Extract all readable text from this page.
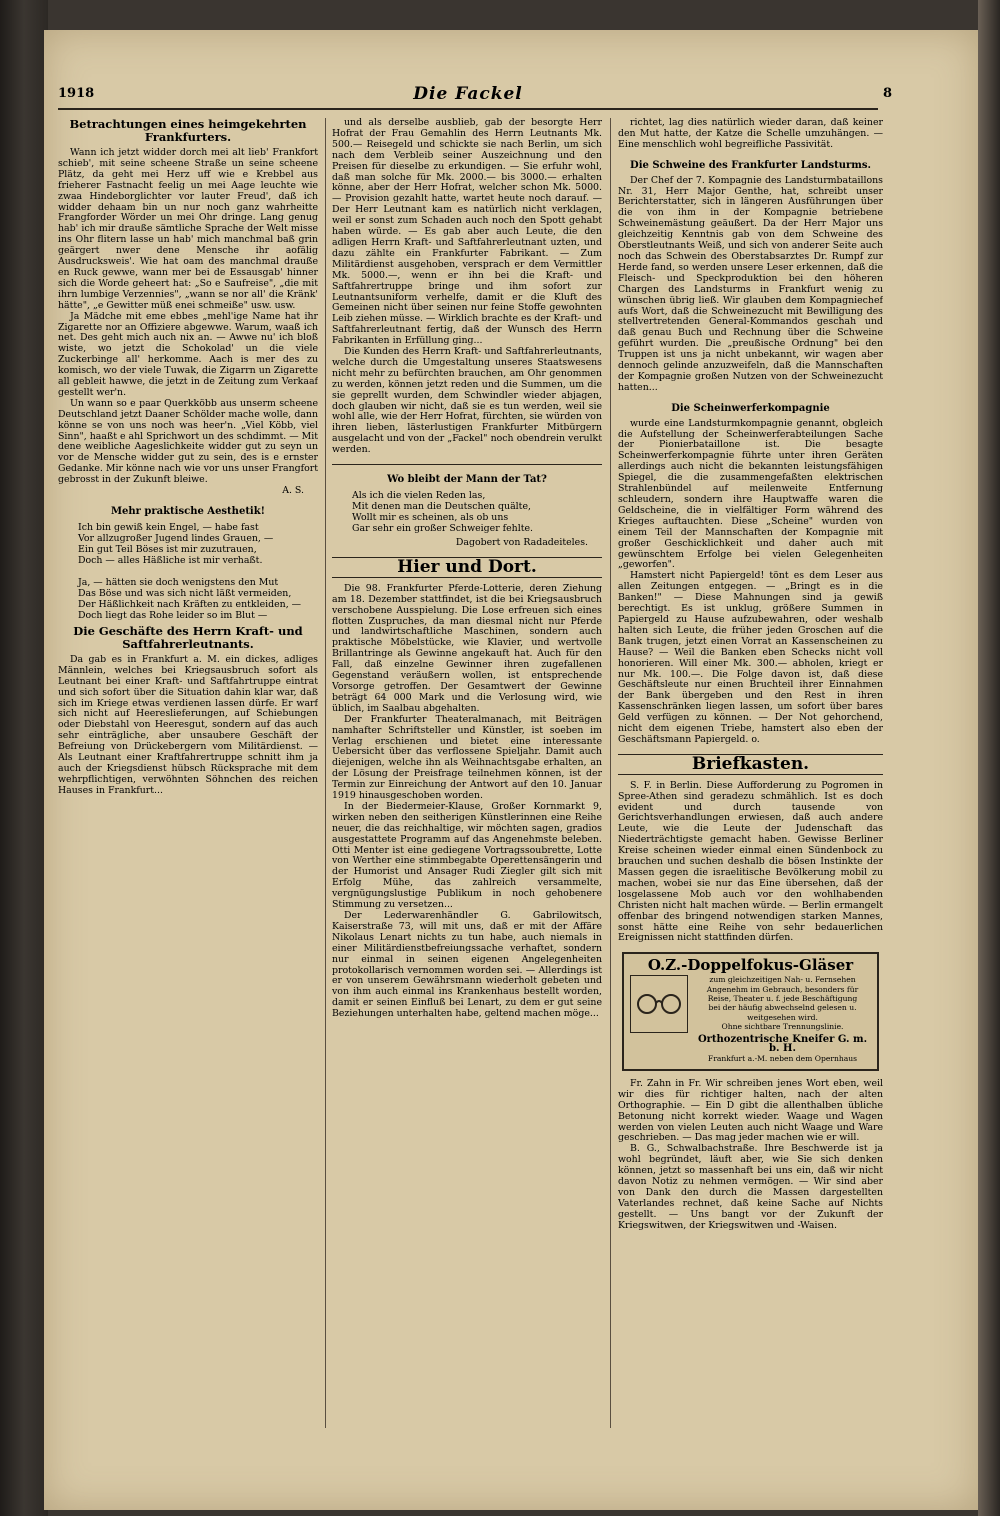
1918	Die Fackel	8
Betrachtungen eines heimgekehrten Frankfurters.

Wann ich jetzt widder dorch mei alt lieb' Frankfort schieb', mit seine scheene Straße un seine scheene Plätz, da geht mei Herz uff wie e Krebbel aus frieherer Fastnacht feelig un mei Aage leuchte wie zwaa Hindeborglichter vor lauter Freud', daß ich widder dehaam bin un nur noch ganz wahrheitte Frangforder Wörder un mei Ohr dringe. Lang genug hab' ich mir drauße sämtliche Sprache der Welt misse ins Ohr flitern lasse un hab' mich manchmal baß grin geärgert nwer dene Mensche ihr aofälig Ausdrucksweis'. Wie hat oam des manchmal drauße en Ruck gewwe, wann mer bei de Essausgab' hinner sich die Worde geheert hat: „So e Saufreise", „die mit ihrn lumbige Verzennies", „wann se nor all' die Kränk' hätte", „e Gewitter müß enei schmeiße" usw. usw.

Ja Mädche mit eme ebbes „mehl'ige Name hat ihr Zigarette nor an Offiziere abgewwe. Warum, waaß ich net. Des geht mich auch nix an. — Awwe nu' ich bloß wiste, wo jetzt die Schokolad' un die viele Zuckerbinge all' herkomme. Aach is mer des zu komisch, wo der viele Tuwak, die Zigarrn un Zigarette all gebleit hawwe, die jetzt in de Zeitung zum Verkaaf gestellt wer'n.

Un wann so e paar Querkköbb aus unserm scheene Deutschland jetzt Daaner Schölder mache wolle, dann könne se von uns noch was heer'n. „Viel Köbb, viel Sinn", haaßt e ahl Sprichwort un des schdimmt. — Mit dene weibliche Aageslichkeite widder gut zu seyn un vor de Mensche widder gut zu sein, des is e ernster Gedanke. Mir könne nach wie vor uns unser Frangfort gebrosst in der Zukunft bleiwe.

A. S.
Mehr praktische Aesthetik!
Ich bin gewiß kein Engel, — habe fast
Vor allzugroßer Jugend lindes Grauen, —
Ein gut Teil Böses ist mir zuzutrauen,
Doch — alles Häßliche ist mir verhaßt.

Ja, — hätten sie doch wenigstens den Mut
Das Böse und was sich nicht läßt vermeiden,
Der Häßlichkeit nach Kräften zu entkleiden, —
Doch liegt das Rohe leider so im Blut —
Die Geschäfte des Herrn Kraft- und Saftfahrerleutnants.

Da gab es in Frankfurt a. M. ein dickes, adliges Männlein, welches bei Kriegsausbruch sofort als Leutnant bei einer Kraft- und Saftfahrtruppe eintrat und sich sofort über die Situation dahin klar war, daß sich im Kriege etwas verdienen lassen dürfe. Er warf sich nicht auf Heereslieferungen, auf Schiebungen oder Diebstahl von Heeresgut, sondern auf das auch sehr einträgliche, aber unsaubere Geschäft der Befreiung von Drückebergern vom Militärdienst. — Als Leutnant einer Kraftfahrertruppe schnitt ihm ja auch der Kriegsdienst hübsch Rücksprache mit dem wehrpflichtigen, verwöhnten Söhnchen des reichen Hauses in Frankfurt...

und als derselbe ausblieb, gab der besorgte Herr Hofrat der Frau Gemahlin des Herrn Leutnants Mk. 500.— Reisegeld und schickte sie nach Berlin, um sich nach dem Verbleib seiner Auszeichnung und den Preisen für dieselbe zu erkundigen. — Sie erfuhr wohl, daß man solche für Mk. 2000.— bis 3000.— erhalten könne, aber der Herr Hofrat, welcher schon Mk. 5000.— Provision gezahlt hatte, wartet heute noch darauf. — Der Herr Leutnant kam es natürlich nicht verklagen, weil er sonst zum Schaden auch noch den Spott gehabt haben würde. — Es gab aber auch Leute, die den adligen Herrn Kraft- und Saftfahrerleutnant uzten, und dazu zählte ein Frankfurter Fabrikant. — Zum Militärdienst ausgehoben, versprach er dem Vermittler Mk. 5000.—, wenn er ihn bei die Kraft- und Saftfahrertruppe bringe und ihm sofort zur Leutnantsuniform verhelfe, damit er die Kluft des Gemeinen nicht über seinen nur feine Stoffe gewohnten Leib ziehen müsse. — Wirklich brachte es der Kraft- und Saftfahrerleutnant fertig, daß der Wunsch des Herrn Fabrikanten in Erfüllung ging...

Die Kunden des Herrn Kraft- und Saftfahrerleutnants, welche durch die Umgestaltung unseres Staatswesens nicht mehr zu befürchten brauchen, am Ohr genommen zu werden, können jetzt reden und die Summen, um die sie geprellt wurden, dem Schwindler wieder abjagen, doch glauben wir nicht, daß sie es tun werden, weil sie wohl alle, wie der Herr Hofrat, fürchten, sie würden von ihren lieben, lästerlustigen Frankfurter Mitbürgern ausgelacht und von der „Fackel" noch obendrein verulkt werden.

Wo bleibt der Mann der Tat?
Als ich die vielen Reden las,
Mit denen man die Deutschen quälte,
Wollt mir es scheinen, als ob uns
Gar sehr ein großer Schweiger fehlte.
Dagobert von Radadeiteles.
Hier und Dort.

Die 98. Frankfurter Pferde-Lotterie, deren Ziehung am 18. Dezember stattfindet, ist die bei Kriegsausbruch verschobene Ausspielung. Die Lose erfreuen sich eines flotten Zuspruches, da man diesmal nicht nur Pferde und landwirtschaftliche Maschinen, sondern auch praktische Möbelstücke, wie Klavier, und wertvolle Brillantringe als Gewinne angekauft hat. Auch für den Fall, daß einzelne Gewinner ihren zugefallenen Gegenstand veräußern wollen, ist entsprechende Vorsorge getroffen. Der Gesamtwert der Gewinne beträgt 64 000 Mark und die Verlosung wird, wie üblich, im Saalbau abgehalten.

Der Frankfurter Theateralmanach, mit Beiträgen namhafter Schriftsteller und Künstler, ist soeben im Verlag erschienen und bietet eine interessante Uebersicht über das verflossene Spieljahr. Damit auch diejenigen, welche ihn als Weihnachtsgabe erhalten, an der Lösung der Preisfrage teilnehmen können, ist der Termin zur Einreichung der Antwort auf den 10. Januar 1919 hinausgeschoben worden.

In der Biedermeier-Klause, Großer Kornmarkt 9, wirken neben den seitherigen Künstlerinnen eine Reihe neuer, die das reichhaltige, wir möchten sagen, gradios ausgestattete Programm auf das Angenehmste beleben. Otti Menter ist eine gediegene Vortragssoubrette, Lotte von Werther eine stimmbegabte Operettensängerin und der Humorist und Ansager Rudi Ziegler gilt sich mit Erfolg Mühe, das zahlreich versammelte, vergnügungslustige Publikum in noch gehobenere Stimmung zu versetzen...

Der Lederwarenhändler G. Gabrilowitsch, Kaiserstraße 73, will mit uns, daß er mit der Affäre Nikolaus Lenart nichts zu tun habe, auch niemals in einer Militärdienstbefreiungssache verhaftet, sondern nur einmal in seinen eigenen Angelegenheiten protokollarisch vernommen worden sei. — Allerdings ist er von unserem Gewährsmann wiederholt gebeten und von ihm auch einmal ins Krankenhaus bestellt worden, damit er seinen Einfluß bei Lenart, zu dem er gut seine Beziehungen unterhalten habe, geltend machen möge...

richtet, lag dies natürlich wieder daran, daß keiner den Mut hatte, der Katze die Schelle umzuhängen. — Eine menschlich wohl begreifliche Passivität.

Die Schweine des Frankfurter Landsturms.

Der Chef der 7. Kompagnie des Landsturmbataillons Nr. 31, Herr Major Genthe, hat, schreibt unser Berichterstatter, sich in längeren Ausführungen über die von ihm in der Kompagnie betriebene Schweinemästung geäußert. Da der Herr Major uns gleichzeitig Kenntnis gab von dem Schweine des Oberstleutnants Weiß, und sich von anderer Seite auch noch das Schwein des Oberstabsarztes Dr. Rumpf zur Herde fand, so werden unsere Leser erkennen, daß die Fleisch- und Speckproduktion bei den höheren Chargen des Landsturms in Frankfurt wenig zu wünschen übrig ließ. Wir glauben dem Kompagniechef aufs Wort, daß die Schweinezucht mit Bewilligung des stellvertretenden General-Kommandos geschah und daß genau Buch und Rechnung über die Schweine geführt wurden. Die „preußische Ordnung" bei den Truppen ist uns ja nicht unbekannt, wir wagen aber dennoch gelinde anzuzweifeln, daß die Mannschaften der Kompagnie großen Nutzen von der Schweinezucht hatten...

Die Scheinwerferkompagnie

wurde eine Landsturmkompagnie genannt, obgleich die Aufstellung der Scheinwerferabteilungen Sache der Pionierbataillone ist. Die besagte Scheinwerferkompagnie führte unter ihren Geräten allerdings auch nicht die bekannten leistungsfähigen Spiegel, die die zusammengefaßten elektrischen Strahlenbündel auf meilenweite Entfernung schleudern, sondern ihre Hauptwaffe waren die Geldscheine, die in vielfältiger Form während des Krieges auftauchten. Diese „Scheine" wurden von einem Teil der Mannschaften der Kompagnie mit großer Geschicklichkeit und daher auch mit gewünschtem Erfolge bei vielen Gelegenheiten „geworfen".

Hamstert nicht Papiergeld! tönt es dem Leser aus allen Zeitungen entgegen. — „Bringt es in die Banken!" — Diese Mahnungen sind ja gewiß berechtigt. Es ist unklug, größere Summen in Papiergeld zu Hause aufzubewahren, oder weshalb halten sich Leute, die früher jeden Groschen auf die Bank trugen, jetzt einen Vorrat an Kassenscheinen zu Hause? — Weil die Banken eben Schecks nicht voll honorieren. Will einer Mk. 300.— abholen, kriegt er nur Mk. 100.—. Die Folge davon ist, daß diese Geschäftsleute nur einen Bruchteil ihrer Einnahmen der Bank übergeben und den Rest in ihren Kassenschränken liegen lassen, um sofort über bares Geld verfügen zu können. — Der Not gehorchend, nicht dem eigenen Triebe, hamstert also eben der Geschäftsmann Papiergeld. o.

Briefkasten.

S. F. in Berlin. Diese Aufforderung zu Pogromen in Spree-Athen sind geradezu schmählich. Ist es doch evident und durch tausende von Gerichtsverhandlungen erwiesen, daß auch andere Leute, wie die Leute der Judenschaft das Niederträchtigste gemacht haben. Gewisse Berliner Kreise scheinen wieder einmal einen Sündenbock zu brauchen und suchen deshalb die bösen Instinkte der Massen gegen die israelitische Bevölkerung mobil zu machen, wobei sie nur das Eine übersehen, daß der losgelassene Mob auch vor den wohlhabenden Christen nicht halt machen würde. — Berlin ermangelt offenbar des bringend notwendigen starken Mannes, sonst hätte eine Reihe von sehr bedauerlichen Ereignissen nicht stattfinden dürfen.

O.Z.-Doppelfokus-Gläser
zum gleichzeitigen Nah- u. Fernsehen
Angenehm im Gebrauch, besonders für
Reise, Theater u. f. jede Beschäftigung
bei der häufig abwechselnd gelesen u.
weitgesehen wird.
Ohne sichtbare Trennungslinie.
Orthozentrische Kneifer G. m. b. H.
Frankfurt a.-M. neben dem Opernhaus

Fr. Zahn in Fr. Wir schreiben jenes Wort eben, weil wir dies für richtiger halten, nach der alten Orthographie. — Ein D gibt die allenthalben übliche Betonung nicht korrekt wieder. Waage und Wagen werden von vielen Leuten auch nicht Waage und Ware geschrieben. — Das mag jeder machen wie er will.

B. G., Schwalbachstraße. Ihre Beschwerde ist ja wohl begründet, läuft aber, wie Sie sich denken können, jetzt so massenhaft bei uns ein, daß wir nicht davon Notiz zu nehmen vermögen. — Wir sind aber von Dank den durch die Massen dargestellten Vaterlandes rechnet, daß keine Sache auf Nichts gestellt. — Uns bangt vor der Zukunft der Kriegswitwen, der Kriegswitwen und -Waisen.
